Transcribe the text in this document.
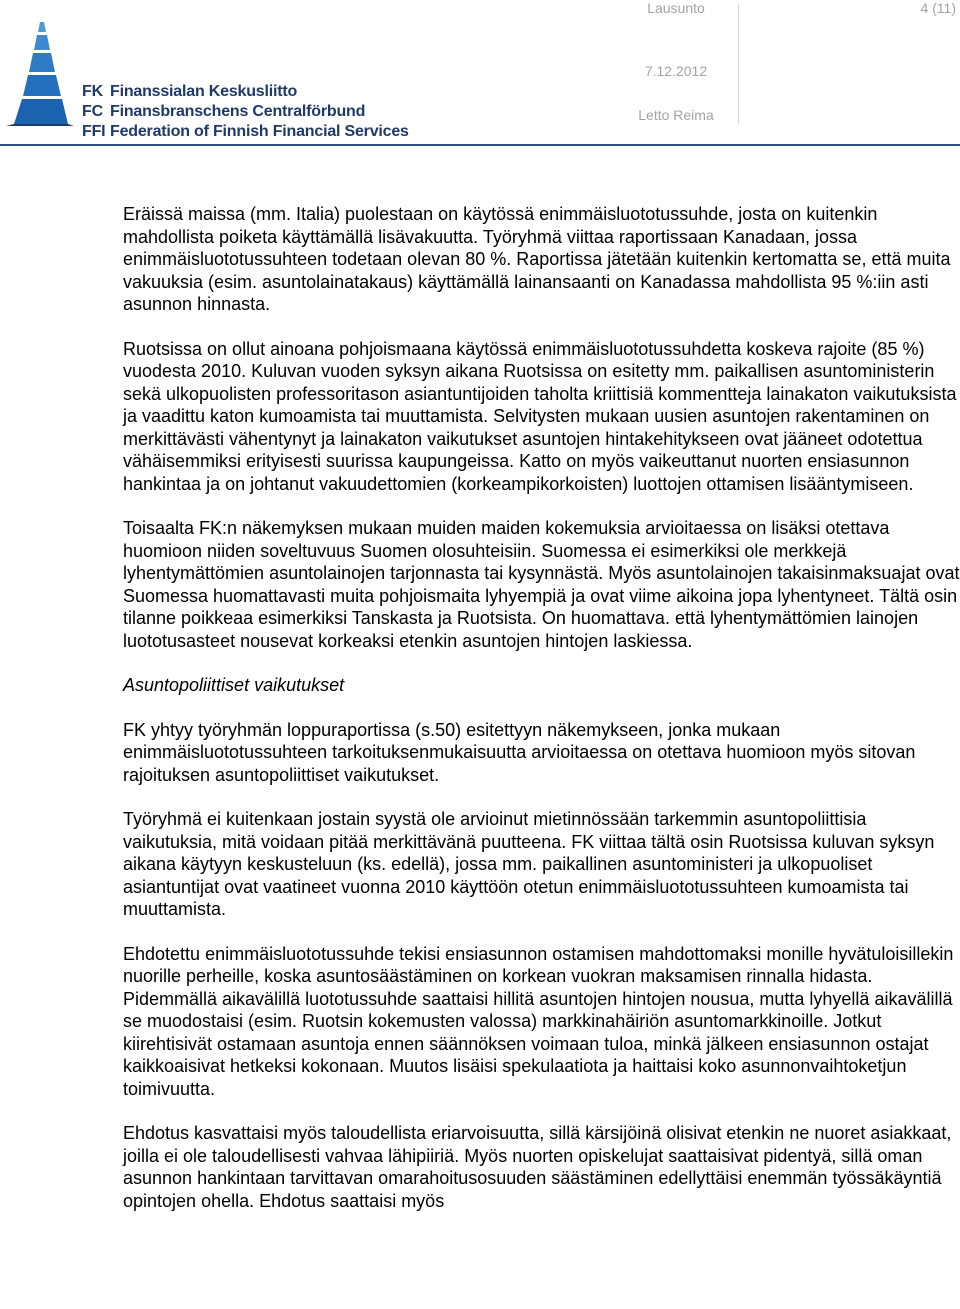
FK Finanssialan Keskusliitto
FC Finansbranschens Centralförbund
FFI Federation of Finnish Financial Services
Lausunto
7.12.2012
Letto Reima
4 (11)

Eräissä maissa (mm. Italia) puolestaan on käytössä enimmäisluototussuhde, josta on kuitenkin mahdollista poiketa käyttämällä lisävakuutta. Työryhmä viittaa raportissaan Kanadaan, jossa enimmäisluototussuhteen todetaan olevan 80 %. Raportissa jätetään kuitenkin kertomatta se, että muita vakuuksia (esim. asuntolainatakaus) käyttämällä lainansaanti on Kanadassa mahdollista 95 %:iin asti asunnon hinnasta.

Ruotsissa on ollut ainoana pohjoismaana käytössä enimmäisluototussuhdetta koskeva rajoite (85 %) vuodesta 2010. Kuluvan vuoden syksyn aikana Ruotsissa on esitetty mm. paikallisen asuntoministerin sekä ulkopuolisten professoritason asiantuntijoiden taholta kriittisiä kommentteja lainakaton vaikutuksista ja vaadittu katon kumoamista tai muuttamista. Selvitysten mukaan uusien asuntojen rakentaminen on merkittävästi vähentynyt ja lainakaton vaikutukset asuntojen hintakehitykseen ovat jääneet odotettua vähäisemmiksi erityisesti suurissa kaupungeissa. Katto on myös vaikeuttanut nuorten ensiasunnon hankintaa ja on johtanut vakuudettomien (korkeampikorkoisten) luottojen ottamisen lisääntymiseen.

Toisaalta FK:n näkemyksen mukaan muiden maiden kokemuksia arvioitaessa on lisäksi otettava huomioon niiden soveltuvuus Suomen olosuhteisiin. Suomessa ei esimerkiksi ole merkkejä lyhentymättömien asuntolainojen tarjonnasta tai kysynnästä. Myös asuntolainojen takaisinmaksuajat ovat Suomessa huomattavasti muita pohjoismaita lyhyempiä ja ovat viime aikoina jopa lyhentyneet. Tältä osin tilanne poikkeaa esimerkiksi Tanskasta ja Ruotsista. On huomattava. että lyhentymättömien lainojen luototusasteet nousevat korkeaksi etenkin asuntojen hintojen laskiessa.

Asuntopoliittiset vaikutukset

FK yhtyy työryhmän loppuraportissa (s.50) esitettyyn näkemykseen, jonka mukaan enimmäisluototussuhteen tarkoituksenmukaisuutta arvioitaessa on otettava huomioon myös sitovan rajoituksen asuntopoliittiset vaikutukset.

Työryhmä ei kuitenkaan jostain syystä ole arvioinut mietinnössään tarkemmin asuntopoliittisia vaikutuksia, mitä voidaan pitää merkittävänä puutteena. FK viittaa tältä osin Ruotsissa kuluvan syksyn aikana käytyyn keskusteluun (ks. edellä), jossa mm. paikallinen asuntoministeri ja ulkopuoliset asiantuntijat ovat vaatineet vuonna 2010 käyttöön otetun enimmäisluototussuhteen kumoamista tai muuttamista.

Ehdotettu enimmäisluototussuhde tekisi ensiasunnon ostamisen mahdottomaksi monille hyvätuloisillekin nuorille perheille, koska asuntosäästäminen on korkean vuokran maksamisen rinnalla hidasta. Pidemmällä aikavälillä luototussuhde saattaisi hillitä asuntojen hintojen nousua, mutta lyhyellä aikavälillä se muodostaisi (esim. Ruotsin kokemusten valossa) markkinahäiriön asuntomarkkinoille. Jotkut kiirehtisivät ostamaan asuntoja ennen säännöksen voimaan tuloa, minkä jälkeen ensiasunnon ostajat kaikkoaisivat hetkeksi kokonaan. Muutos lisäisi spekulaatiota ja haittaisi koko asunnonvaihtoketjun toimivuutta.

Ehdotus kasvattaisi myös taloudellista eriarvoisuutta, sillä kärsijöinä olisivat etenkin ne nuoret asiakkaat, joilla ei ole taloudellisesti vahvaa lähipiiriä. Myös nuorten opiskelujat saattaisivat pidentyä, sillä oman asunnon hankintaan tarvittavan omarahoitusosuuden säästäminen edellyttäisi enemmän työssäkäyntiä opintojen ohella. Ehdotus saattaisi myös
